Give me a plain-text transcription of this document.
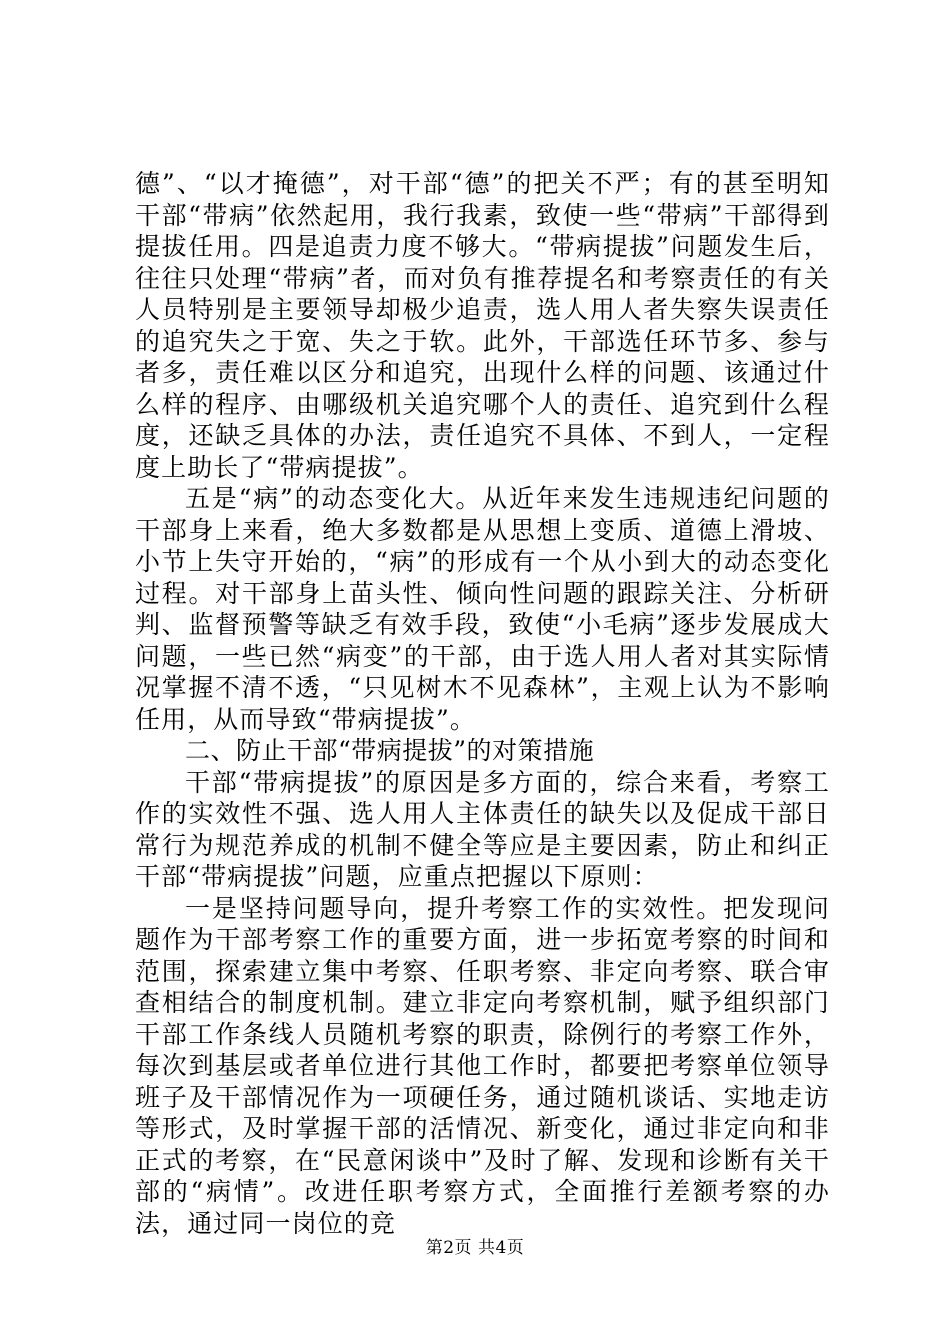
德”、“以才掩德”，对干部“德”的把关不严；有的甚至明知干部“带病”依然起用，我行我素，致使一些“带病”干部得到提拔任用。四是追责力度不够大。“带病提拔”问题发生后，往往只处理“带病”者，而对负有推荐提名和考察责任的有关人员特别是主要领导却极少追责，选人用人者失察失误责任的追究失之于宽、失之于软。此外，干部选任环节多、参与者多，责任难以区分和追究，出现什么样的问题、该通过什么样的程序、由哪级机关追究哪个人的责任、追究到什么程度，还缺乏具体的办法，责任追究不具体、不到人，一定程度上助长了“带病提拔”。

五是“病”的动态变化大。从近年来发生违规违纪问题的干部身上来看，绝大多数都是从思想上变质、道德上滑坡、小节上失守开始的，“病”的形成有一个从小到大的动态变化过程。对干部身上苗头性、倾向性问题的跟踪关注、分析研判、监督预警等缺乏有效手段，致使“小毛病”逐步发展成大问题，一些已然“病变”的干部，由于选人用人者对其实际情况掌握不清不透，“只见树木不见森林”，主观上认为不影响任用，从而导致“带病提拔”。

二、防止干部“带病提拔”的对策措施

干部“带病提拔”的原因是多方面的，综合来看，考察工作的实效性不强、选人用人主体责任的缺失以及促成干部日常行为规范养成的机制不健全等应是主要因素，防止和纠正干部“带病提拔”问题，应重点把握以下原则：

一是坚持问题导向，提升考察工作的实效性。把发现问题作为干部考察工作的重要方面，进一步拓宽考察的时间和范围，探索建立集中考察、任职考察、非定向考察、联合审查相结合的制度机制。建立非定向考察机制，赋予组织部门干部工作条线人员随机考察的职责，除例行的考察工作外，每次到基层或者单位进行其他工作时，都要把考察单位领导班子及干部情况作为一项硬任务，通过随机谈话、实地走访等形式，及时掌握干部的活情况、新变化，通过非定向和非正式的考察，在“民意闲谈中”及时了解、发现和诊断有关干部的“病情”。改进任职考察方式，全面推行差额考察的办法，通过同一岗位的竞

第2页 共4页
